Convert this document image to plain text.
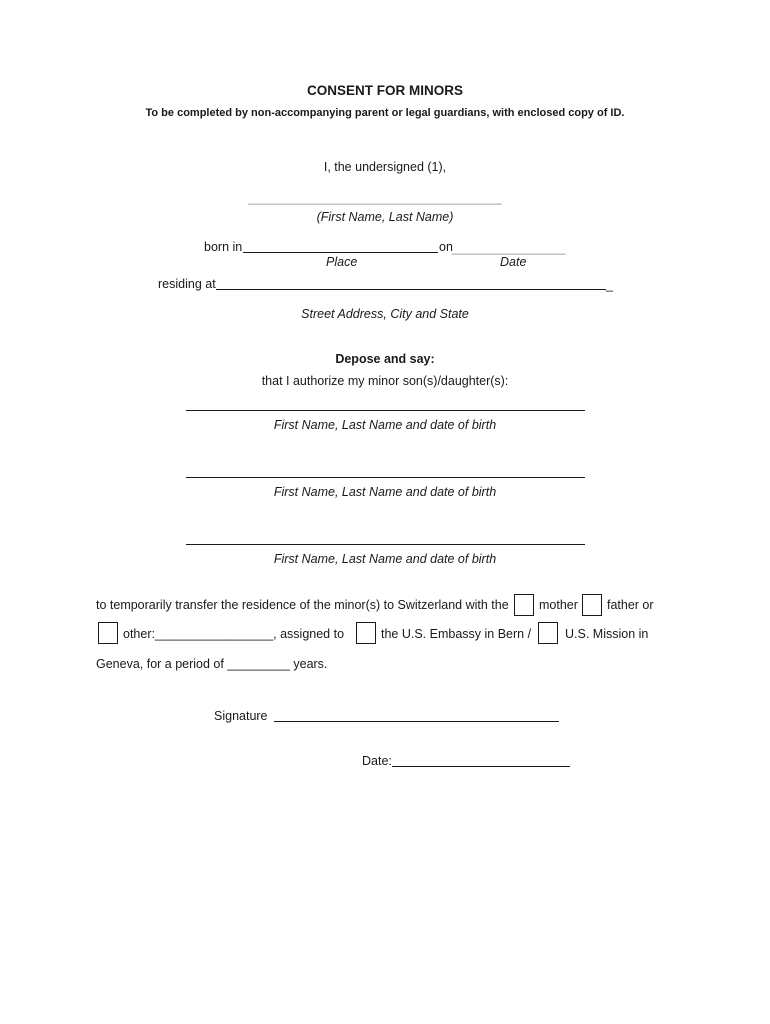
CONSENT FOR MINORS
To be completed by non-accompanying parent or legal guardians, with enclosed copy of ID.
I, the undersigned (1),
______________________________________
(First Name, Last Name)
born in	on _________________
Place	Date
residing at	_
Street Address, City and State
Depose and say:
that I authorize my minor son(s)/daughter(s):
First Name, Last Name and date of birth
First Name, Last Name and date of birth
First Name, Last Name and date of birth
to temporarily transfer the residence of the minor(s) to Switzerland with the mother father or
other:_________________, assigned to	the U.S. Embassy in Bern /	U.S. Mission in
Geneva, for a period of _________ years.
Signature
Date:
